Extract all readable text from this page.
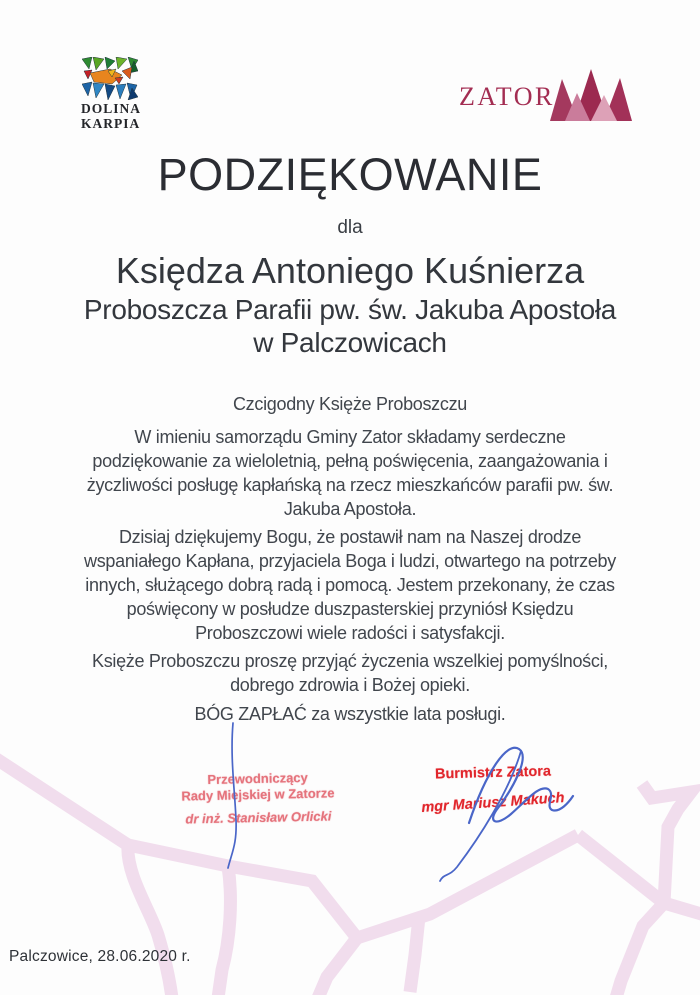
DOLINA
KARPIA
ZATOR
PODZIĘKOWANIE
dla
Księdza Antoniego Kuśnierza
Proboszcza Parafii pw. św. Jakuba Apostoła
w Palczowicach
Czcigodny Księże Proboszczu

W imieniu samorządu Gminy Zator składamy serdeczne podziękowanie za wieloletnią, pełną poświęcenia, zaangażowania i życzliwości posługę kapłańską na rzecz mieszkańców parafii pw. św. Jakuba Apostoła.

Dzisiaj dziękujemy Bogu, że postawił nam na Naszej drodze wspaniałego Kapłana, przyjaciela Boga i ludzi, otwartego na potrzeby innych, służącego dobrą radą i pomocą. Jestem przekonany, że czas poświęcony w posłudze duszpasterskiej przyniósł Księdzu Proboszczowi wiele radości i satysfakcji.

Księże Proboszczu proszę przyjąć życzenia wszelkiej pomyślności, dobrego zdrowia i Bożej opieki.

BÓG ZAPŁAĆ za wszystkie lata posługi.

Przewodniczący
Rady Miejskiej w Zatorze
dr inż. Stanisław Orlicki
Burmistrz Zatora
mgr Mariusz Makuch
Palczowice, 28.06.2020 r.
